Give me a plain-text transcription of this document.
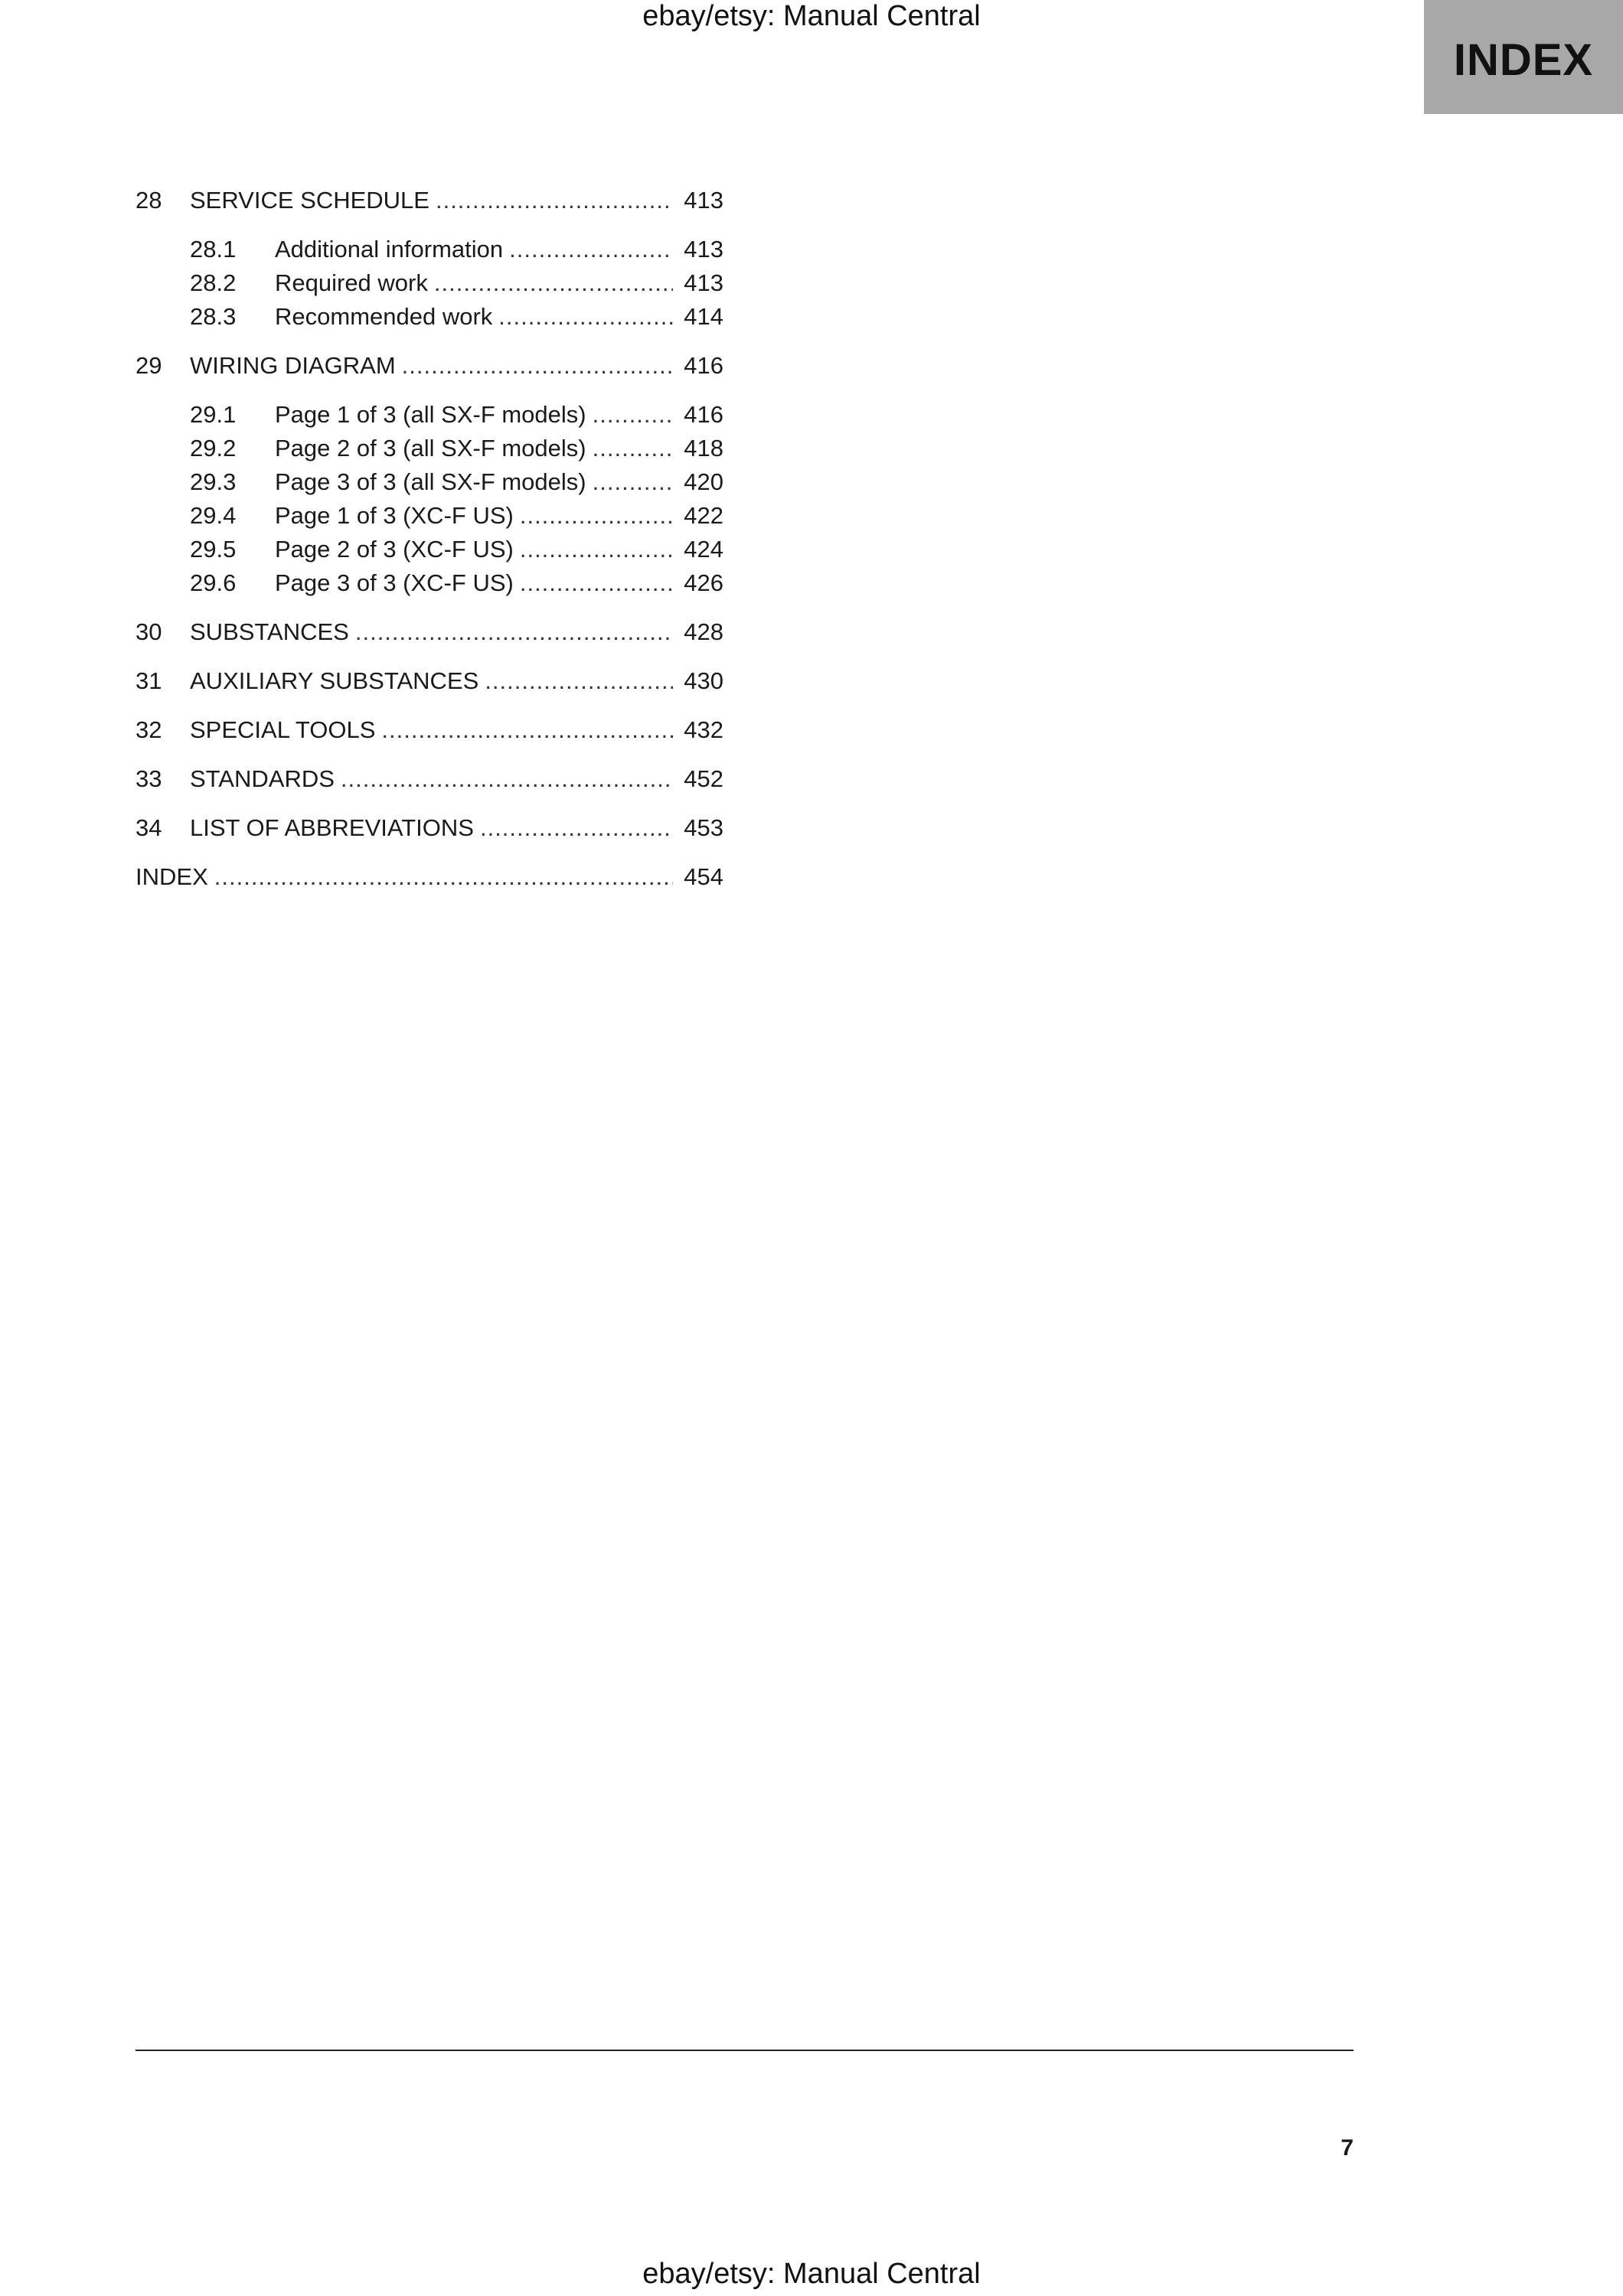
ebay/etsy: Manual Central
INDEX
28	SERVICE SCHEDULE .....	413
28.1	Additional information .....	413
28.2	Required work .....	413
28.3	Recommended work .....	414
29	WIRING DIAGRAM .....	416
29.1	Page 1 of 3 (all SX-F models) .....	416
29.2	Page 2 of 3 (all SX-F models) .....	418
29.3	Page 3 of 3 (all SX-F models) .....	420
29.4	Page 1 of 3 (XC-F US) .....	422
29.5	Page 2 of 3 (XC-F US) .....	424
29.6	Page 3 of 3 (XC-F US) .....	426
30	SUBSTANCES .....	428
31	AUXILIARY SUBSTANCES .....	430
32	SPECIAL TOOLS .....	432
33	STANDARDS .....	452
34	LIST OF ABBREVIATIONS .....	453
INDEX .....	454
7
ebay/etsy: Manual Central
